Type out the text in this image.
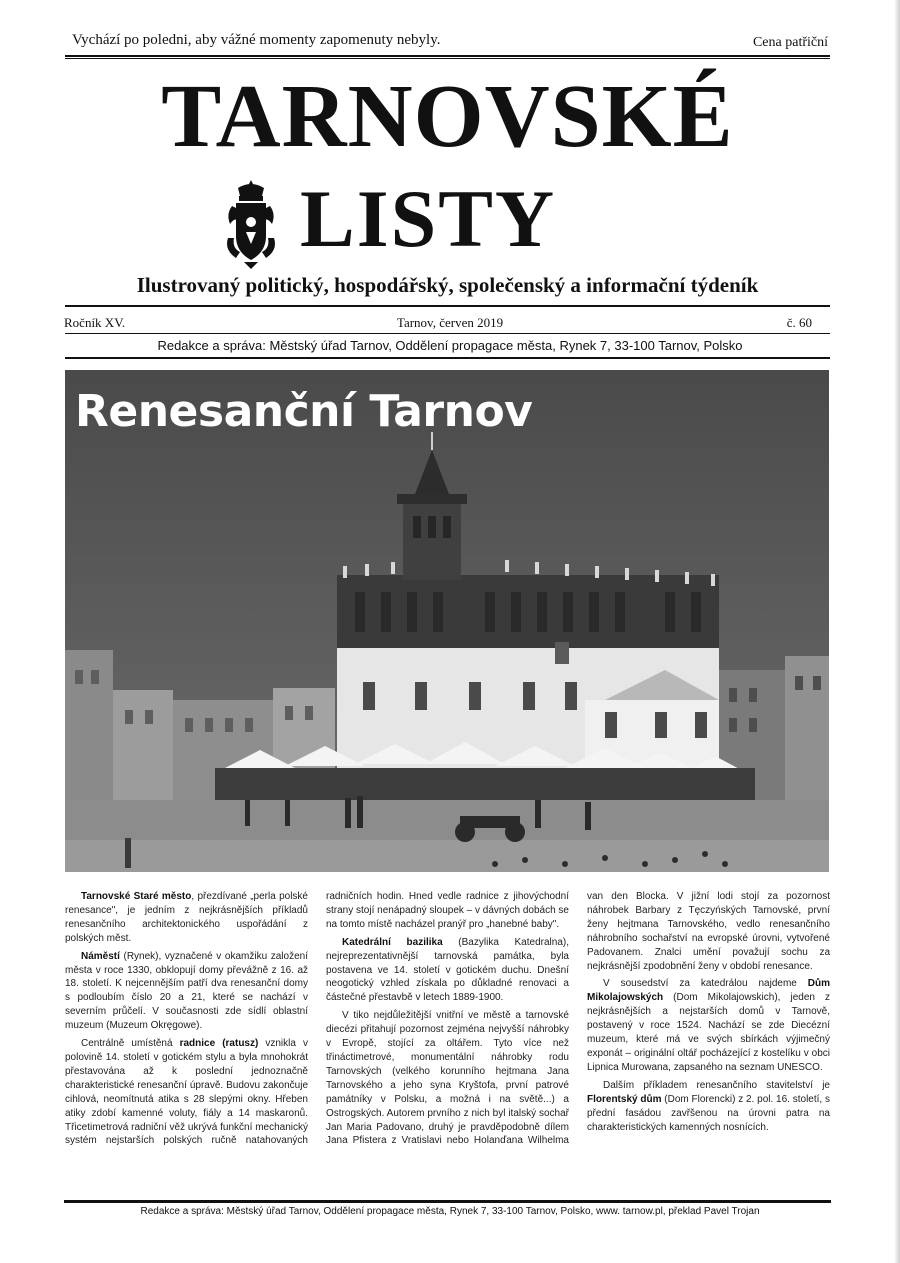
Vychází po poledni, aby vážné momenty zapomenuty nebyly.	Cena patřiční
TARNOVSKÉ
LISTY
Ilustrovaný politický, hospodářský, společenský a informační týdeník
Ročník XV.	Tarnov, červen 2019	č. 60
Redakce a správa: Městský úřad Tarnov, Oddělení propagace města, Rynek 7, 33-100 Tarnov, Polsko
Renesanční Tarnov

Tarnovské Staré město, přezdívané „perla polské renesance", je jedním z nejkrásnějších příkladů renesančního architektonického uspořádání z polských měst.

Náměstí (Rynek), vyznačené v okamžiku založení města v roce 1330, obklopují domy převážně z 16. až 18. století. K nejcennějším patří dva renesanční domy s podloubím číslo 20 a 21, které se nachází v severním průčelí. V současnosti zde sídlí oblastní muzeum (Muzeum Okręgowe).

Centrálně umístěná radnice (ratusz) vznikla v polovině 14. století v gotickém stylu a byla mnohokrát přestavována až k poslední jednoznačně charakteristické renesanční úpravě. Budovu zakončuje cihlová, neomítnutá atika s 28 slepými okny. Hřeben atiky zdobí kamenné voluty, fiály a 14 maskaronů. Třicetimetrová radniční věž ukrývá funkční mechanický systém nejstarších polských ručně natahovaných radničních hodin. Hned vedle radnice z jihovýchodní strany stojí nenápadný sloupek – v dávných dobách se na tomto místě nacházel pranýř pro „hanebné baby".

Katedrální bazilika (Bazylika Katedralna), nejreprezentativnější tarnovská památka, byla postavena ve 14. století v gotickém duchu. Dnešní neogotický vzhled získala po důkladné renovaci a částečné přestavbě v letech 1889-1900.

V tiko nejdůležitější vnitřní ve městě a tarnovské diecézi přitahují pozornost zejména nejvyšší náhrobky v Evropě, stojící za oltářem. Tyto více než třináctimetrové, monumentální náhrobky rodu Tarnovských (velkého korunního hejtmana Jana Tarnovského a jeho syna Kryštofa, první patrové památníky v Polsku, a možná i na světě...) a Ostrogských. Autorem prvního z nich byl italský sochař Jan Maria Padovano, druhý je pravděpodobně dílem Jana Pfistera z Vratislavi nebo Holanďana Wilhelma van den Blocka. V jižní lodi stojí za pozornost náhrobek Barbary z Tęczyńských Tarnovské, první ženy hejtmana Tarnovského, vedlo renesančního náhrobního sochařství na evropské úrovni, vytvořené Padovanem. Znalci umění považují sochu za nejkrásnější zpodobnění ženy v období renesance.

V sousedství za katedrálou najdeme Dům Mikolajowských (Dom Mikolajowskich), jeden z nejkrásnějších a nejstarších domů v Tarnově, postavený v roce 1524. Nachází se zde Diecézní muzeum, které má ve svých sbírkách výjimečný exponát – originální oltář pocházející z kostelíku v obci Lipnica Murowana, zapsaného na seznam UNESCO.

Dalším příkladem renesančního stavitelství je Florentský dům (Dom Florencki) z 2. pol. 16. století, s přední fasádou zavřšenou na úrovni patra na charakteristických kamenných nosnících.

Redakce a správa: Městský úřad Tarnov, Oddělení propagace města, Rynek 7, 33-100 Tarnov, Polsko, www. tarnow.pl, překlad Pavel Trojan
